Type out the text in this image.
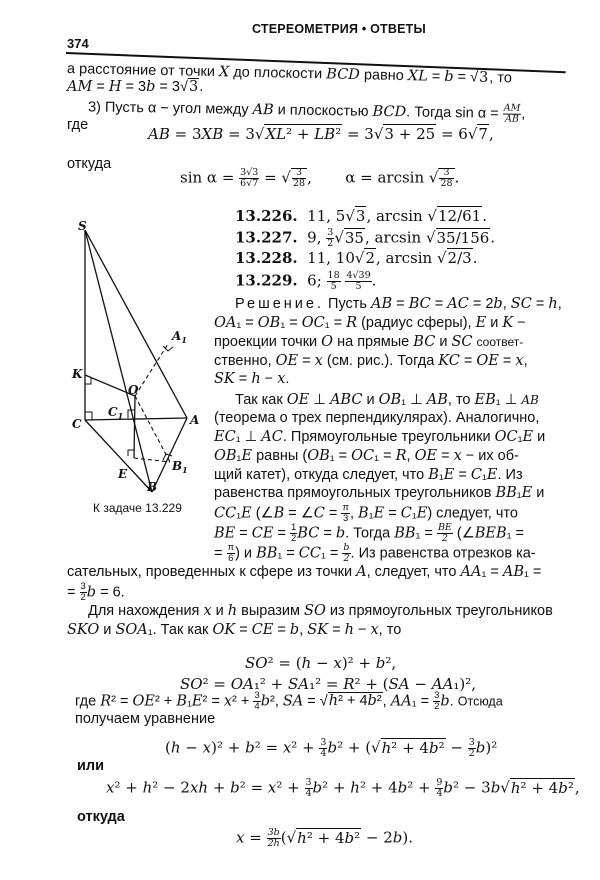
СТЕРЕОМЕТРИЯ • ОТВЕТЫ
374
а расстояние от точки X до плоскости BCD равно XL = b = √3, то
AM = H = 3b = 3√3.
3) Пусть α − угол между AB и плоскостью BCD. Тогда $\sin \alpha = \frac{AM}{AB}$ ,
где	AB = 3XB = 3√XL² + LB² = 3√3 + 25 = 6√7,
откуда
$\sin \alpha = \frac{3√3}{6√7}$ = √ $\frac{3}{28}$ ,       α = arcsin √ $\frac{3}{28}$ .
13.226.  11, 5√3, arcsin √12/61.
13.227.  9, $\frac{3}{2} √35$, arcsin √35/156.
13.228.  11, 10√2, arcsin √2/3.
13.229.  6; $\frac{18}{5}$
$\frac{4√39}{5}$ .
S
$A_1$
K
O
$C_1$
C	A
E
$B_1$
B
К задаче 13.229
Решение. Пусть AB = BC = AC = 2b, SC = h,
OA₁ = OB₁ = OC₁ = R (радиус сферы), E и K −
проекции точки O на прямые BC и SC соответ-
ственно, OE = x (см. рис.). Тогда KC = OE = x,
SK = h − x.
Так как OE ⊥ ABC и OB₁ ⊥ AB, то EB₁ ⊥ AB
(теорема о трех перпендикулярах). Аналогично,
EC₁ ⊥ AC. Прямоугольные треугольники OC₁E и
OB₁E равны (OB₁ = OC₁ = R, OE = x − их об-
щий катет), откуда следует, что B₁E = C₁E. Из
равенства прямоугольных треугольников BB₁E и
CC₁E (∠B = ∠C = $\frac{\pi}{3}$ , B₁E = C₁E) следует, что
BE = CE = $\frac{1}{2}$ BC = b. Тогда $BB_1 = \frac{BE}{2}$ (∠BEB₁ =
= $\frac{\pi}{6}$ ) и $BB_1 = CC_1 = \frac{b}{2}$ . Из равенства отрезков ка-
сательных, проведенных к сфере из точки A, следует, что AA₁ = AB₁ =
= $\frac{3}{2}$ b = 6.
Для нахождения x и h выразим SO из прямоугольных треугольников
SKO и SOA₁. Так как OK = CE = b, SK = h − x, то
SO² = (h − x)² + b²,
SO² = OA₁² + SA₁² = R² + (SA − AA₁)²,
где $R^2 = OE^2 + B_1E^2 = x^2 + \frac{3}{4} b^2$, SA = √h² + 4b², $AA_1 = \frac{3}{2} b$. Отсюда
получаем уравнение
$(h - x)^2 + b^2 = x^2 + \frac{3}{4} b^2 + (√h^2 + 4b^2 - \frac{3}{2} b)^2$
или
$x^2 + h^2 - 2xh + b^2 = x^2 + \frac{3}{4} b^2 + h^2 + 4b^2 + \frac{9}{4} b^2 - 3b√h^2 + 4b^2$,
откуда
$x = \frac{3b}{2h} (√h^2 + 4b^2 - 2b)$.
